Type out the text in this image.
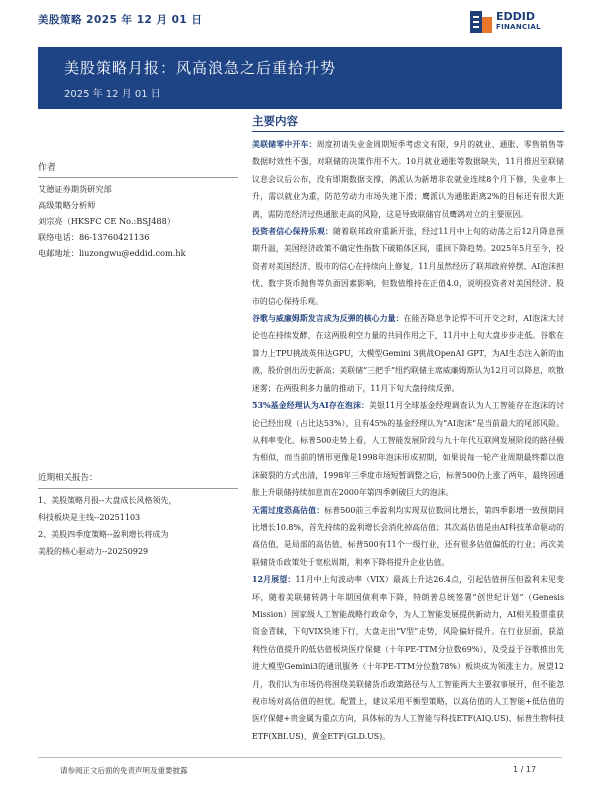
美股策略 2025 年 12 月 01 日	EDDID
FINANCIAL
美股策略月报：风高浪急之后重拾升势
2025 年 12 月 01 日
作者
艾德证券期货研究部
高级策略分析师
刘宗亮（HKSFC CE No.:BSJ488）
联络电话：86-13760421136
电邮地址：liuzongwu@eddid.com.hk
近期相关报告：
1、美股策略月报--大盘成长风格领先，
科技板块是主线--20251103
2、美股四季度策略--盈利增长将成为
美股的核心驱动力--20250929
主要内容

美联储零中开车：周度初请失业金周期短季考虑文有限，9月的就业、通胀、零售销售等数据时效性不强，对联储的决策作用不大。10月就业通胀等数据缺失，11月推迟至联储议息会议后公布，没有即期数据支撑，鸽派认为新增非农就业连续8个月下修，失业率上升，需以就业为重，防范劳动力市场失速下滑；鹰派认为通胀距离2%的目标还有很大距离，需防范经济过热通胀走高的风险，这是导致联储官员鹰鸽对立的主要原因。

投资者信心保持乐观：随着联邦政府重新开张，经过11月中上旬的动荡之后12月降息预期升温，美国经济政策不确定性指数下破箱体区间，重回下降趋势。2025年5月至今，投资者对美国经济、股市的信心在持续向上修复，11月虽然经历了联邦政府停摆、AI泡沫担忧、数字货币抛售等负面因素影响，但数值维持在正值4.0，说明投资者对美国经济、股市的信心保持乐观。

谷歌与威廉姆斯发言成为反弹的核心力量：在能否降息争论悍不可开交之时，AI泡沫大讨论也在持续发酵，在这两股利空力量的共同作用之下，11月中上旬大盘步步走低。谷歌在算力上TPU挑战英伟达GPU，大模型Gemini 3挑战OpenAI GPT，为AI生态注入新的血液，股价创出历史新高；美联储“三把手”纽约联储主席威廉姆斯认为12月可以降息，吹散迷雾；在两股利多力量的推动下，11月下旬大盘持续反弹。

53%基金经理认为AI存在泡沫：美银11月全球基金经理调查认为人工智能存在泡沫的讨论已经出现（占比达53%），且有45%的基金经理认为“AI泡沫”是当前最大的尾部风险。从利率变化、标普500走势上看，人工智能发展阶段与九十年代互联网发展阶段的路径极为相似，而当前的情形更像是1998年泡沫形成初期，如果说每一轮产业周期最终都以泡沫破裂的方式出清，1998年三季度市场短暂调整之后，标普500仍上涨了两年，最终因通胀上升联储持续加息而在2000年第四季刺破巨大的泡沫。

无需过度恐高估值：标普500前三季盈利均实现双位数同比增长，第四季影增一致预期同比增长10.8%，首先持续的盈利增长会消化掉高估值；其次高估值是由AI科技革命驱动的高估值，是局部的高估值，标普500有11个一级行业，还有很多估值偏低的行业；再次美联储货币政策处于宽松周期，利率下降将提升企业估值。

12月展望：11月中上旬波动率（VIX）最高上升达26.4点，引起估值拼压但盈利未见变坏，随着美联储转鸽十年期国债利率下降，特朗普总统签署“创世纪计划”（Genesis Mission）国家级人工智能战略行政命令，为人工智能发展提供新动力，AI相关股票重获资金青睐，下旬VIX快速下行，大盘走出“V型”走势，风险偏好提升。在行业层面，获盈利性估值提升的低估值板块医疗保健（十年PE-TTM分位数69%），及受益于谷歌推出先进大模型Gemini3的通讯服务（十年PE-TTM分位数78%）板块成为领涨主力。展望12月，我们认为市场仍将围绕美联储货币政策路径与人工智能两大主要叙事展开，但不能忽视市场对高估值的担忧。配置上，建议采用平衡型策略，以高估值的人工智能+低估值的医疗保健+贵金属为重点方向，具体标的为人工智能与科技ETF(AIQ.US)、标普生物科技ETF(XBI.US)、黄金ETF(GLD.US)。

请参阅正文后面的免责声明及重要披露	1 / 17
